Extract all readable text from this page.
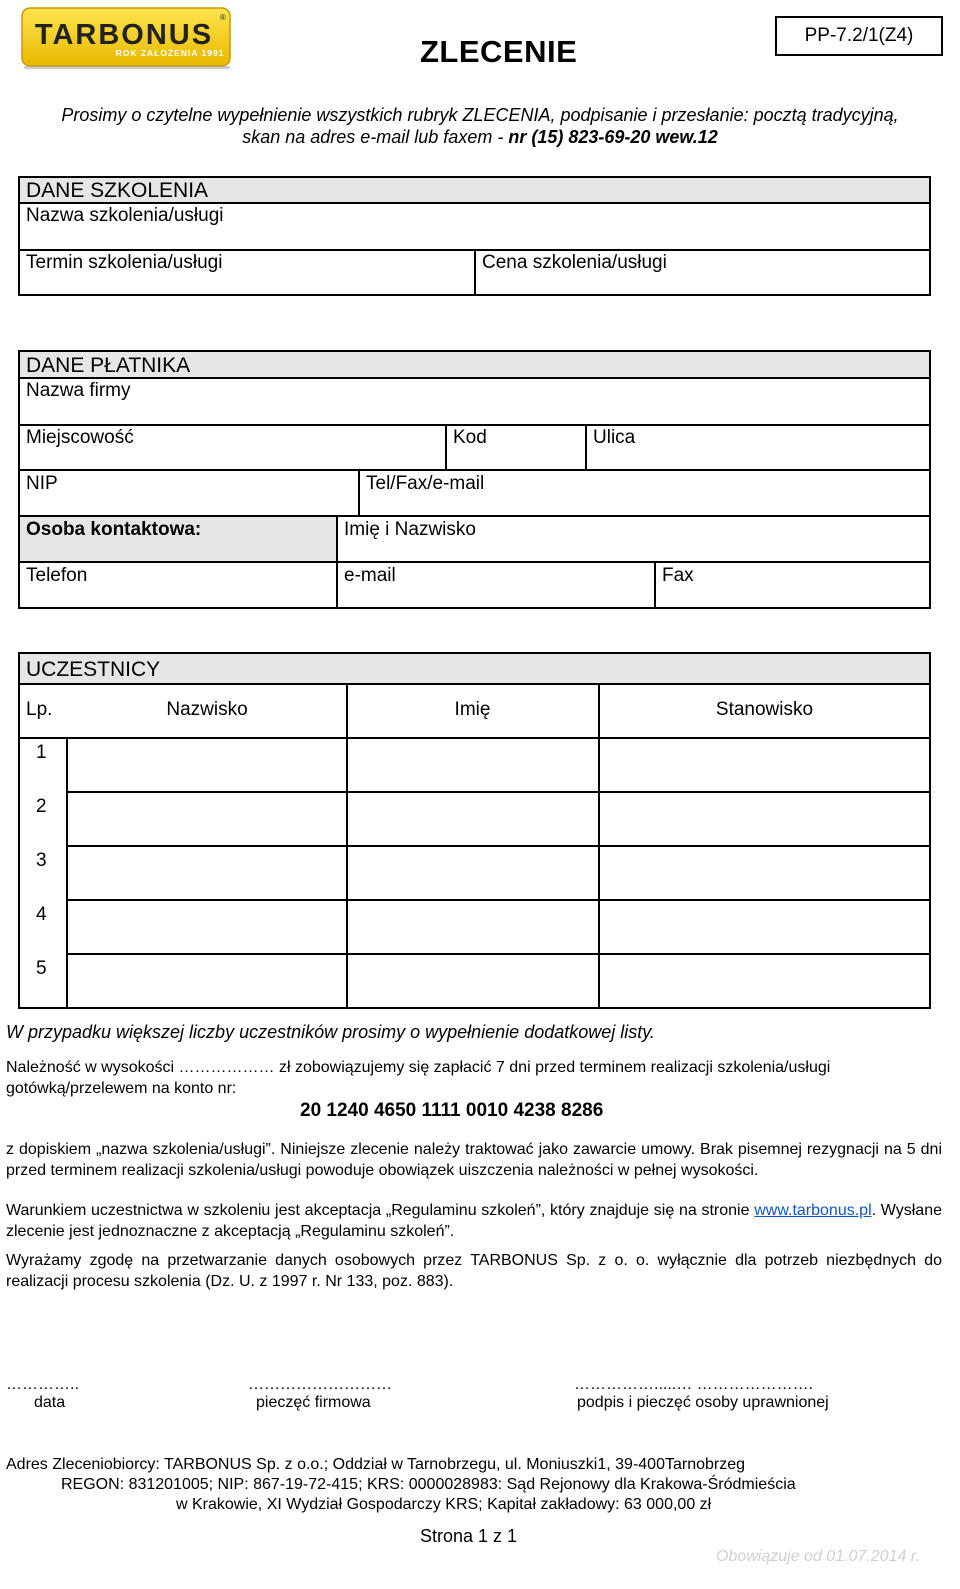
TARBONUS
®
ROK ZAŁOŻENIA 1991	ZLECENIE	PP-7.2/1(Z4)
Prosimy o czytelne wypełnienie wszystkich rubryk ZLECENIA, podpisanie i przesłanie: pocztą tradycyjną,
skan na adres e-mail lub faxem - nr (15) 823-69-20 wew.12
DANE SZKOLENIA
Nazwa szkolenia/usługi
Termin szkolenia/usługi	Cena szkolenia/usługi
DANE PŁATNIKA
Nazwa firmy
Miejscowość	Kod	Ulica
NIP	Tel/Fax/e-mail
Osoba kontaktowa:	Imię i Nazwisko
Telefon	e-mail	Fax
UCZESTNICY
Lp.	Nazwisko	Imię	Stanowisko
1
2
3
4
5
W przypadku większej liczby uczestników prosimy o wypełnienie dodatkowej listy.
Należność w wysokości ……………… zł zobowiązujemy się zapłacić 7 dni przed terminem realizacji szkolenia/usługi
gotówką/przelewem na konto nr:
20 1240 4650 1111 0010 4238 8286
z dopiskiem „nazwa szkolenia/usługi”. Niniejsze zlecenie należy traktować jako zawarcie umowy. Brak pisemnej rezygnacji na 5 dni przed terminem realizacji szkolenia/usługi powoduje obowiązek uiszczenia należności w pełnej wysokości.
Warunkiem uczestnictwa w szkoleniu jest akceptacja „Regulaminu szkoleń”, który znajduje się na stronie www.tarbonus.pl. Wysłane zlecenie jest jednoznaczne z akceptacją „Regulaminu szkoleń”.
Wyrażamy zgodę na przetwarzanie danych osobowych przez TARBONUS Sp. z o. o. wyłącznie dla potrzeb niezbędnych do realizacji procesu szkolenia (Dz. U. z 1997 r. Nr 133, poz. 883).
…………..
data
………………………
pieczęć firmowa
…………….....… ………………….
podpis i pieczęć osoby uprawnionej
Adres Zleceniobiorcy: TARBONUS Sp. z o.o.; Oddział w Tarnobrzegu, ul. Moniuszki1, 39-400Tarnobrzeg
REGON: 831201005; NIP: 867-19-72-415; KRS: 0000028983: Sąd Rejonowy dla Krakowa-Śródmieścia
w Krakowie, XI Wydział Gospodarczy KRS; Kapitał zakładowy: 63 000,00 zł
Strona 1 z 1
Obowiązuje od 01.07.2014 r.
